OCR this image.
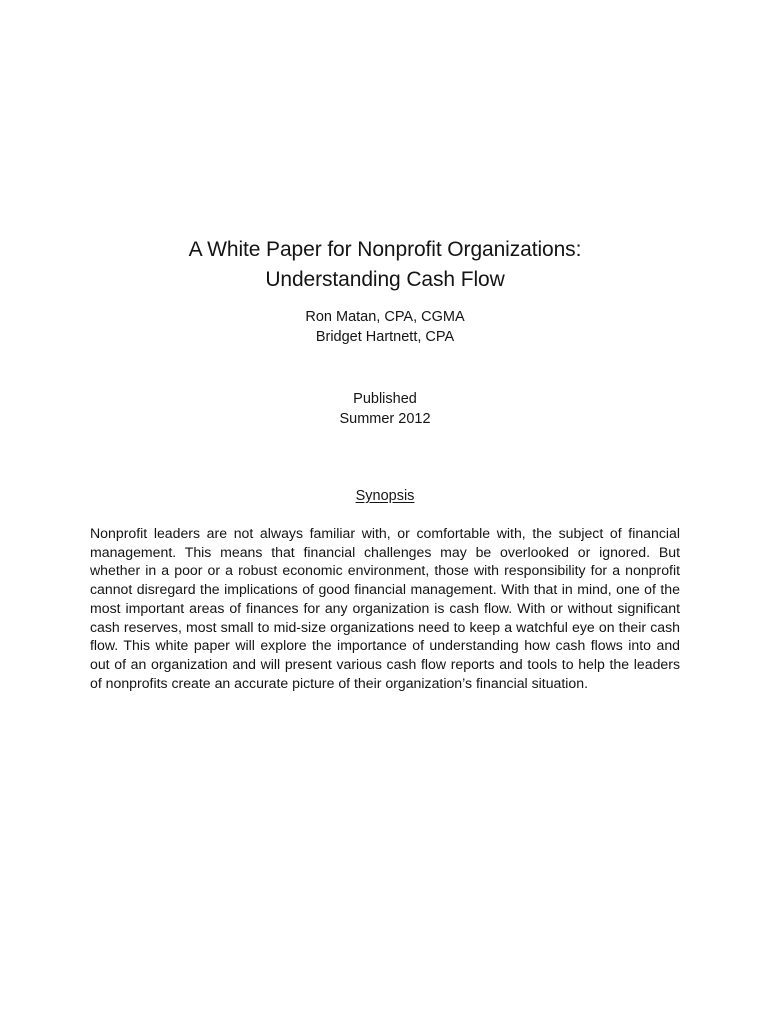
A White Paper for Nonprofit Organizations:
Understanding Cash Flow
Ron Matan, CPA, CGMA
Bridget Hartnett, CPA
Published
Summer 2012
Synopsis

Nonprofit leaders are not always familiar with, or comfortable with, the subject of financial management. This means that financial challenges may be overlooked or ignored. But whether in a poor or a robust economic environment, those with responsibility for a nonprofit cannot disregard the implications of good financial management. With that in mind, one of the most important areas of finances for any organization is cash flow. With or without significant cash reserves, most small to mid-size organizations need to keep a watchful eye on their cash flow. This white paper will explore the importance of understanding how cash flows into and out of an organization and will present various cash flow reports and tools to help the leaders of nonprofits create an accurate picture of their organization’s financial situation.
